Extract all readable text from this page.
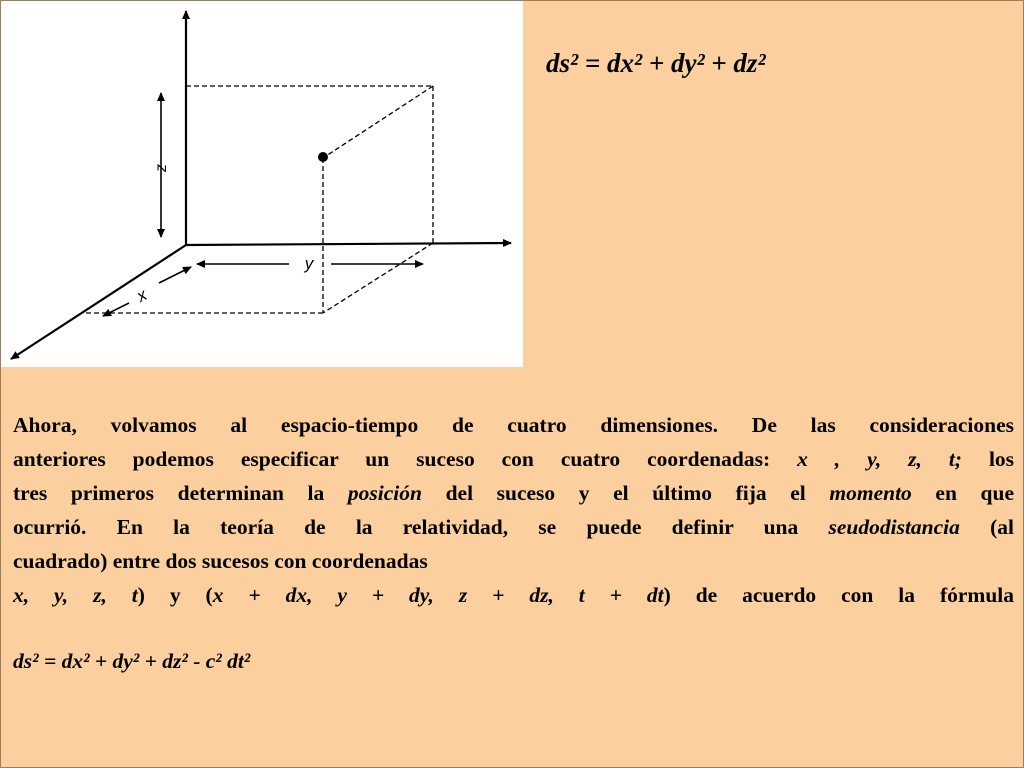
z
y
x
ds² = dx² + dy² + dz²
Ahora, volvamos al espacio-tiempo de cuatro dimensiones. De las consideraciones
anteriores podemos especificar un suceso con cuatro coordenadas: x , y, z, t; los
tres primeros determinan la posición del suceso y el último fija el momento en que
ocurrió. En la teoría de la relatividad, se puede definir una seudodistancia (al
cuadrado) entre dos sucesos con coordenadas
x, y, z, t) y (x + dx, y + dy, z + dz, t + dt) de acuerdo con la fórmula
ds² = dx² + dy² + dz² - c² dt²
